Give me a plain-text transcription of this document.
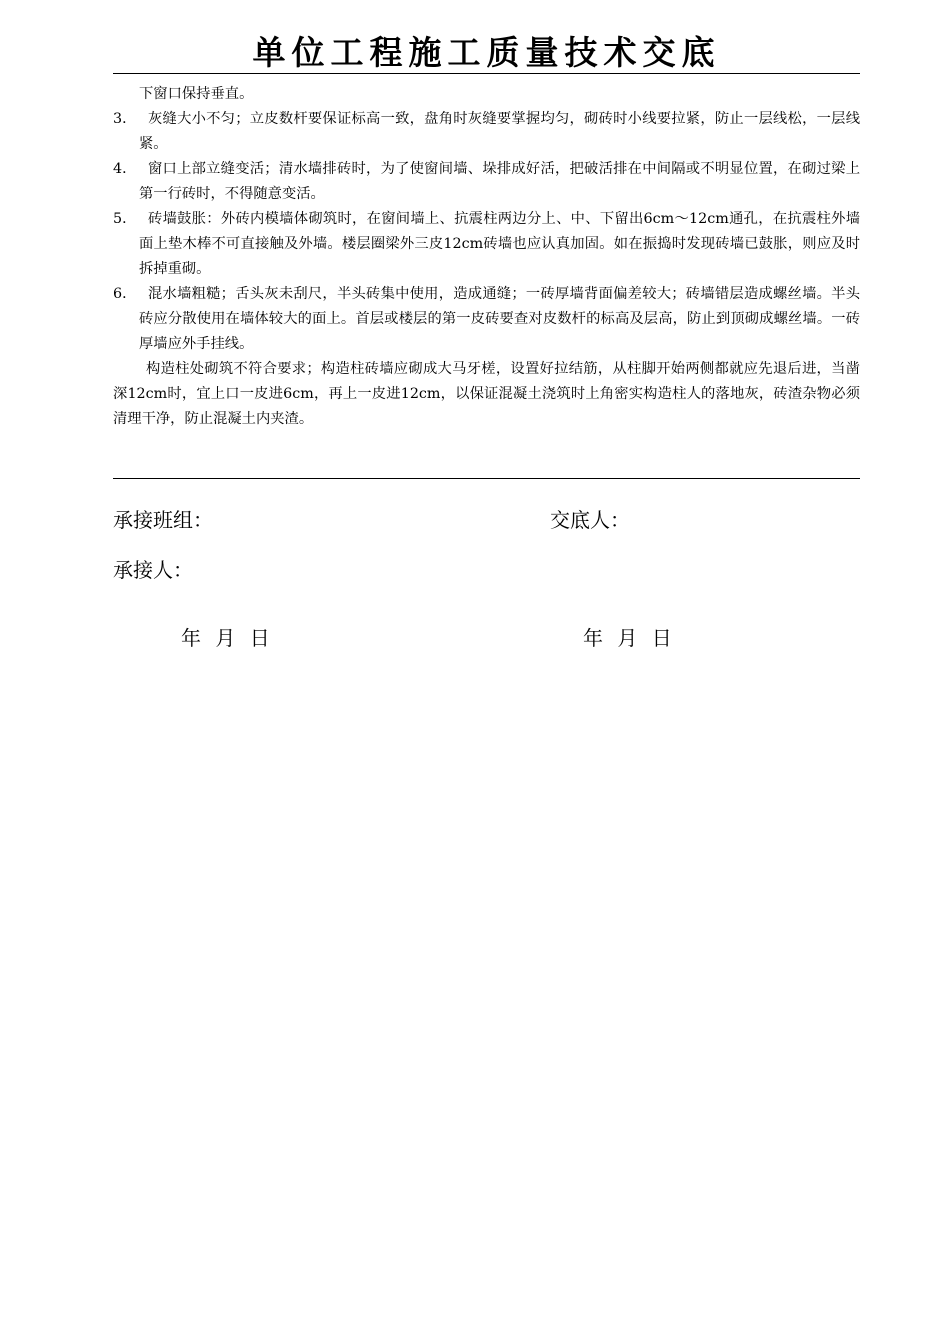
单位工程施工质量技术交底
下窗口保持垂直。
3． 灰缝大小不匀；立皮数杆要保证标高一致，盘角时灰缝要掌握均匀，砌砖时小线要拉紧，防止一层线松，一层线紧。
4． 窗口上部立缝变活；清水墙排砖时，为了使窗间墙、垛排成好活，把破活排在中间隔或不明显位置，在砌过梁上第一行砖时，不得随意变活。
5． 砖墙鼓胀：外砖内模墙体砌筑时，在窗间墙上、抗震柱两边分上、中、下留出6cm～12cm通孔，在抗震柱外墙面上垫木棒不可直接触及外墙。楼层圈梁外三皮12cm砖墙也应认真加固。如在振捣时发现砖墙已鼓胀，则应及时拆掉重砌。
6． 混水墙粗糙；舌头灰未刮尺，半头砖集中使用，造成通缝；一砖厚墙背面偏差较大；砖墙错层造成螺丝墙。半头砖应分散使用在墙体较大的面上。首层或楼层的第一皮砖要查对皮数杆的标高及层高，防止到顶砌成螺丝墙。一砖厚墙应外手挂线。
构造柱处砌筑不符合要求；构造柱砖墙应砌成大马牙槎，设置好拉结筋，从柱脚开始两侧都就应先退后进，当凿深12cm时，宜上口一皮进6cm，再上一皮进12cm，以保证混凝土浇筑时上角密实构造柱人的落地灰，砖渣杂物必须清理干净，防止混凝土内夹渣。
承接班组：	交底人：
承接人：
年 月 日	年 月 日
